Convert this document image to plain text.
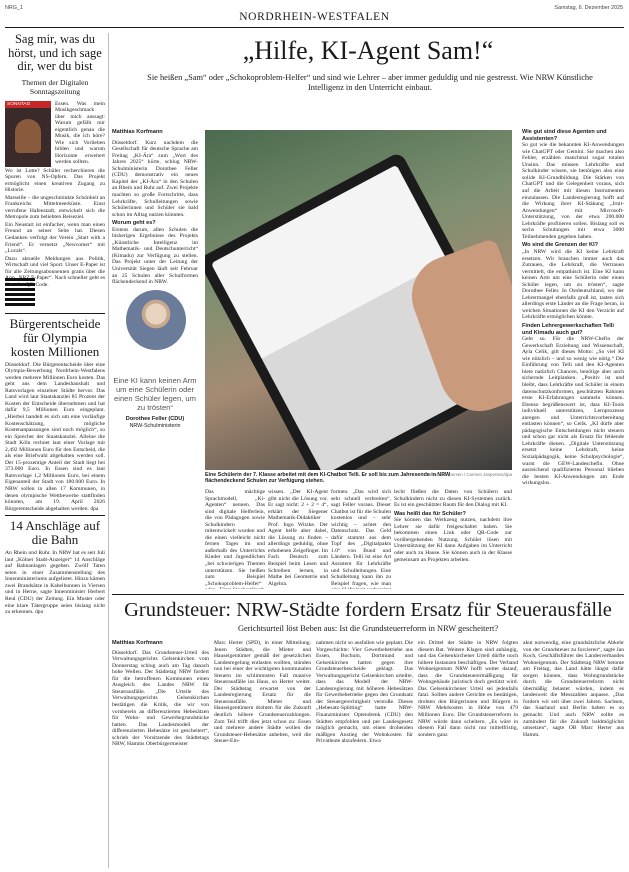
NRG_1
NORDRHEIN-WESTFALEN
Samstag, 6. Dezember 2025
Sag mir, was du hörst, und ich sage dir, wer du bist
Themen der Digitalen Sonntagszeitung
SONNTAG	Essen. Was mein Musikgeschmack über mich aussagt: Warum gefällt mir eigentlich genau die Musik, die ich höre? Wie sich Vorlieben bilden und warum Horizonte erweitert werden sollten.

Wo ist Lotte? Schüler recherchieren die Spuren von NS-Opfern. Das Projekt ermöglicht einen kreativen Zugang zu Historie.

Marseille – die ungeschminkte Schönheit an Frankreichs Mittelmeerküste. Einst verrufene Hafenstadt, entwickelt sich die Metropole zum beliebten Reiseziel.

Ein Neustart ist einfacher, wenn man einen Freund an seiner Seite hat. Diesen Gedanken verfolgt der Verein „Start with a Friend“. Er vernetzt „Newcomer“ mit „Locals“.

Dazu aktuelle Meldungen aus Politik, Wirtschaft und viel Sport. Unser E-Paper ist für alle Zeitungsabonnenten gratis über die App „NRZ E-Paper“. Nach schneller geht es über den QR-Code.
Bürgerentscheide für Olympia kosten Millionen

Düsseldorf. Die Bürgerentscheide über eine Olympia-Bewerbung Nordrhein-Westfalens werden mehrere Millionen Euro kosten. Das geht aus dem Landeshaushalt und Ratsvorlagen einzelner Städte hervor. Das Land wird laut Staatskanzlei 85 Prozent der Kosten der Entscheide übernehmen und hat dafür 9,5 Millionen Euro eingeplant. „Hierbei handelt es sich um eine vorläufige Kostenschätzung, mögliche Kostenanpassungen sind noch möglich“, so ein Sprecher der Staatskanzlei. Alleine die Stadt Köln rechnet laut einer Vorlage mit 2,492 Millionen Euro für den Entscheid, die als eine Briefwahl abgehalten werden soll. Der 15-prozentige Anteil der Stadt liegt bei 373.000 Euro. In Essen sind es laut Ratsvorlage 1,2 Millionen Euro, bei einem Eigenanteil der Stadt von 180.000 Euro. In NRW sollen in allen 17 Kommunen, in denen olympische Wettbewerbe stattfinden könnten, am 19. April 2026 Bürgerentscheide abgehalten werden. dpa

14 Anschläge auf die Bahn

An Rhein und Ruhr. In NRW hat es seit Juli laut „Kölner Stadt-Anzeiger“ 14 Anschläge auf Bahnanlagen gegeben. Zwölf Taten seien in einer Zusammenstellung des Innenministeriums aufgelistet. Hinzu kämen zwei Brandsätze in Kabelbunnen in Viersen und in Herne, sagte Innenminister Herbert Reul (CDU) der Zeitung. Ein Muster oder eine klare Tätergruppe seien bislang nicht zu erkennen. dpa

„Hilfe, KI-Agent Sam!“
Sie heißen „Sam“ oder „Schokoproblem-Helfer“ und sind wie Lehrer – aber immer geduldig und nie gestresst. Wie NRW Künstliche Intelligenz in den Unterricht einbaut.
Matthias Korfmann

Düsseldorf. Kurz nachdem die Gesellschaft für deutsche Sprache am Freitag „KI-Ära“ zum „Wort des Jahres 2025“ kürte, schlug NRW-Schulministerin Dorothee Feller (CDU) demonstrativ ein neues Kapitel der „KI-Ära“ in den Schulen an Rhein und Ruhr auf. Zwei Projekte machten so große Fortschritte, dass Lehrkräfte, Schulleitungen sowie Schülerinnen und Schüler sie bald schon im Alltag nutzen könnten.

Worum geht es?

Erstens darum, allen Schulen die bisherigen Ergebnisse des Projekts „Künstliche Intelligenz im Mathematik- und Deutschunterricht“ (Kimadu) zur Verfügung zu stellen. Das Projekt unter der Leitung der Universität Siegen läuft seit Februar an 25 Schulen aller Schulformen flächendeckend in NRW.

Eine KI kann keinen Arm um eine Schülerin oder einen Schüler legen, um zu trösten“
Dorothee Feller (CDU)
NRW-Schulministerin
Eine Schülerin der 7. Klasse arbeitet mit dem KI-Chatbot Telli. Er soll bis zum Jahresende in NRW flächendeckend Schulen zur Verfügung stehen.
Carmen Jaspersen / Carmen Jaspersen/dpa

Das mächtige Sprachmodell, „Ki-Agenten“ nennen. Das sind digitale Helferlein, die von Pädagogen sowie Schulkindern mitentwickelt wurden und die einen vielleicht nicht fernen Tages im und außerhalb des Unterrichts Kinder und Jugendlichen „bei schwierigen Themen unterstützen. Sie heißen zum Beispiel „Schokoproblem-Helfer“

wissen. „Der KI-Agent gibt nicht die Lösung vor. Er sagt nicht: 2 + 2 = 4“, erklärt der Siegener Mathematik-Didaktiker Prof. Ingo Witzke. Der Agent helfe aber dabei, die Lösung zu finden – allerdings geduldig, ohne erhobenen Zeigefinger. Im Fach Deutsch zum Beispiel beim Lesen und Schreiben lernen, in Mathe bei Geometrie und Algebra.

formen. „Das wird sich sehr schnell verbreiten“, sagt Feller voraus. Dieser Chatbot ist für die Schulen kostenlos und – sehr wichtig – achtet den Datenschutz. Das Geld dafür stammt aus dem Topf des „Digitalpakts 1.0“ von Bund und Ländern. Telli ist eine Art Assistent für Lehrkräfte und Schulleitungen. Eine Schulleitung kann ihn zu Beispiel fragen, wie man

lecht fließen die Daten von Schülern und Schulkindern nicht zu diesen KI-Systemen zurück. Es ist ein geschützter Raum für den Dialog mit KI.

Was heißt das für Schüler?

Sie können das Werkzeug nutzen, nachdem ihre Lehrer sie dafür freigeschaltet haben. Sie bekommen einen Link oder QR-Code zur vorübergehenden Nutzung. Schüler lösen mit Unterstützung der KI dann Aufgaben im Unterricht oder auch zu Hause. Sie können auch in der Klasse gemeinsam an Projekten arbeiten.

Wie gut sind diese Agenten und Assistenten?

So gut wie die bekannten KI-Anwendungen wie ChatGPT oder Gemini. Sie machen also Fehler, erzählen manchmal sogar totalen Unsinn. Das müssen Lehrkräfte und Schulkinder wissen, sie benötigen also eine solide KI-Grundbildung. Die Stärken von ChatGPT und die Gelegenheit voraus, sich auf die Arbeit mit diesen Instrumenten einzulassen. Die Landesregierung hofft auf die Wirkung ihrer KI-Stäkung „Irnit-Anwendungen“ mit Microsoft-Unterstützung, von der etwa 200.000 Lehrkräfte profitieren sollen. Bislang soll es sechs Schulungen mit etwa 3000 Teilnehmenden gegeben haben.

Wo sind die Grenzen der KI?

„In NRW wird die KI keine Lehrkraft ersetzen. Wir brauchen immer auch das Zutrauen, die Lehrkraft, die Vertrauen vermittelt, die empathisch ist. Eine KI kann keinen Arm um eine Schülerin oder einen Schüler legen, um zu trösten“, sagte Dorothee Feller. In Ostdeutschland, wo der Lehrermangel ebenfalls groß ist, tasten sich allerdings erste Länder an die Frage heran, in welchen Situationen die KI den Verzicht auf Lehrkräfte ermöglichen könnte.

Finden Lehrergewerkschaften Telli und Kimadu auch gut?

Geht so. Für die NRW-Chefin der Gewerkschaft Erziehung und Wissenschaft, Ayla Celik, gilt dieses Motto: „So viel KI wie nützlich – und so wenig wie nötig.“ Die Einführung von Telli und den KI-Agenten biete natürlich Chancen, benötige aber auch sichernde Leitplanken. „Positiv ist und bleibt, dass Lehrkräfte und Schüler in einem datenschutzkonformen, geschützten Rahmen erste KI-Erfahrungen sammeln können. Ebenso begrüßenswert ist, dass KI-Tools individuell unterstützen, Lernprozesse anregen und Unterrichtsvorbereitung entlasten können“, so Celik. „KI dürfe aber pädagogische Entscheidungen nicht steuern und schon gar nicht als Ersatz für fehlende Lehrkräfte dienen. „Digitale Unterstützung ersetzt keine Lehrkraft, keine Sozialpädagogik, keine Schulpsychologie“, warnt die GEW-Landeschefin. Ohne ausreichend qualifiziertes Personal blieben die besten KI-Anwendungen am Ende wirkungslos.

Grundsteuer: NRW-Städte fordern Ersatz für Steuerausfälle
Gerichtsurteil löst Beben aus: Ist die Grundsteuerreform in NRW gescheitert?
Matthias Korfmann

Düsseldorf. Das Grundsteuer-Urteil des Verwaltungsgerichts Gelsenkirchen vom Donnerstag schlug auch am Tag danach hohe Wellen. Der Städtetag NRW fordert für die betroffenen Kommunen einen Ausgleich des Landes NRW für Steuerausfälle. „Die Urteile des Verwaltungsgerichts Gelsenkirchen bestätigen die Kritik, die wir von vornherein an differenzierten Hebesätzen für Wohn- und Gewerbegrundstücke hatten. Das Landesmodell der differenzierten Hebesätze ist gescheitert“, schrieb der Vorsitzende des Städtetags NRW, Hamms Oberbürgermeister

Marc Herter (SPD), in einer Mitteilung. Jenen Städten, die Mieter und Hauseigentümer gemäß der gesetzlichen Landesregelung entlasten wollten, stünden nun bei einer der wichtigsten kommunalen Steuern im schlimmsten Fall massive Steuerausfälle ins Haus, so Herter weiter. Der Städtetag erwartet von der Landesregierung Ersatz für die Steuerausfälle. Mieter und Hauseigentümern drohten für die Zukunft deutlich höhere Grundsteuerzahlungen. Zum Teil trifft dies jetzt schon zu: Essen und mehrere andere Städte wollen die Grundsteuer-Hebesätze anheben, weil die Steuer-Ein-

nahmen nicht so ausfallen wie geplant. Die Vorgeschichte: Vier Gewerbebetriebe aus Essen, Bochum, Dortmund und Gelsenkirchen hatten gegen ihre Grundsteuerbescheide geklagt. Das Verwaltungsgericht Gelsenkirchen urteilte, dass das Modell der NRW-Landesregierung mit höheren Hebesätzen für Gewerbebetriebe gegen den Grundsatz der Steuergerechtigkeit verstoße. Dieses „Hebesatz-Splitting“ hatte NRW-Finanzminister Optendrenk (CDU) den Städten empfohlen und per Landesgesetz möglich gemacht, um einen drohenden mäßigen Anstieg der Wohnkosten für Privatleute abzufedern. Etwa

ein Drittel der Städte in NRW folgten diesem Rat. Weitere Klagen sind anhängig, und das Gelsenkirchener Urteil dürfte noch höhere Instanzen beschäftigen. Der Verband Wohneigentum NRW hofft weiter darauf, dass die Grundsteuerermäßigung für Wohngebäude juristisch doch gestützt wird. Das Gelsenkirchener Urteil sei jedenfalls fatal. Sollten andere Gerichte es bestätigen, drohten den Bürgerinnen und Bürgern in NRW Mehrkosten in Höhe von 479 Millionen Euro. Die Grundsteuerreform in NRW würde dann scheitern. „Es wäre in diesem Fall dann nicht nur mittelfristig, sondern ganz

akut notwendig, eine grundsätzliche Abkehr von der Grundsteuer zu forcieren“, sagte Jan Koch, Geschäftsführer des Landesverbandes Wohneigentum. Der Städtetag NRW betonte am Freitag, das Land hätte längst dafür sorgen können, dass Wohngrundstücke durch die Grundsteuerreform nicht übermäßig belastet würden, indem es landesweit die Messzahlen anpasse. „Das fordern wir seit über zwei Jahren. Sachsen, das Saarland und Berlin haben es so gemacht. Und auch NRW sollte es zumindest für die Zukunft baldmöglichst umsetzen“, sagte OB Marc Herter aus Hamm.
